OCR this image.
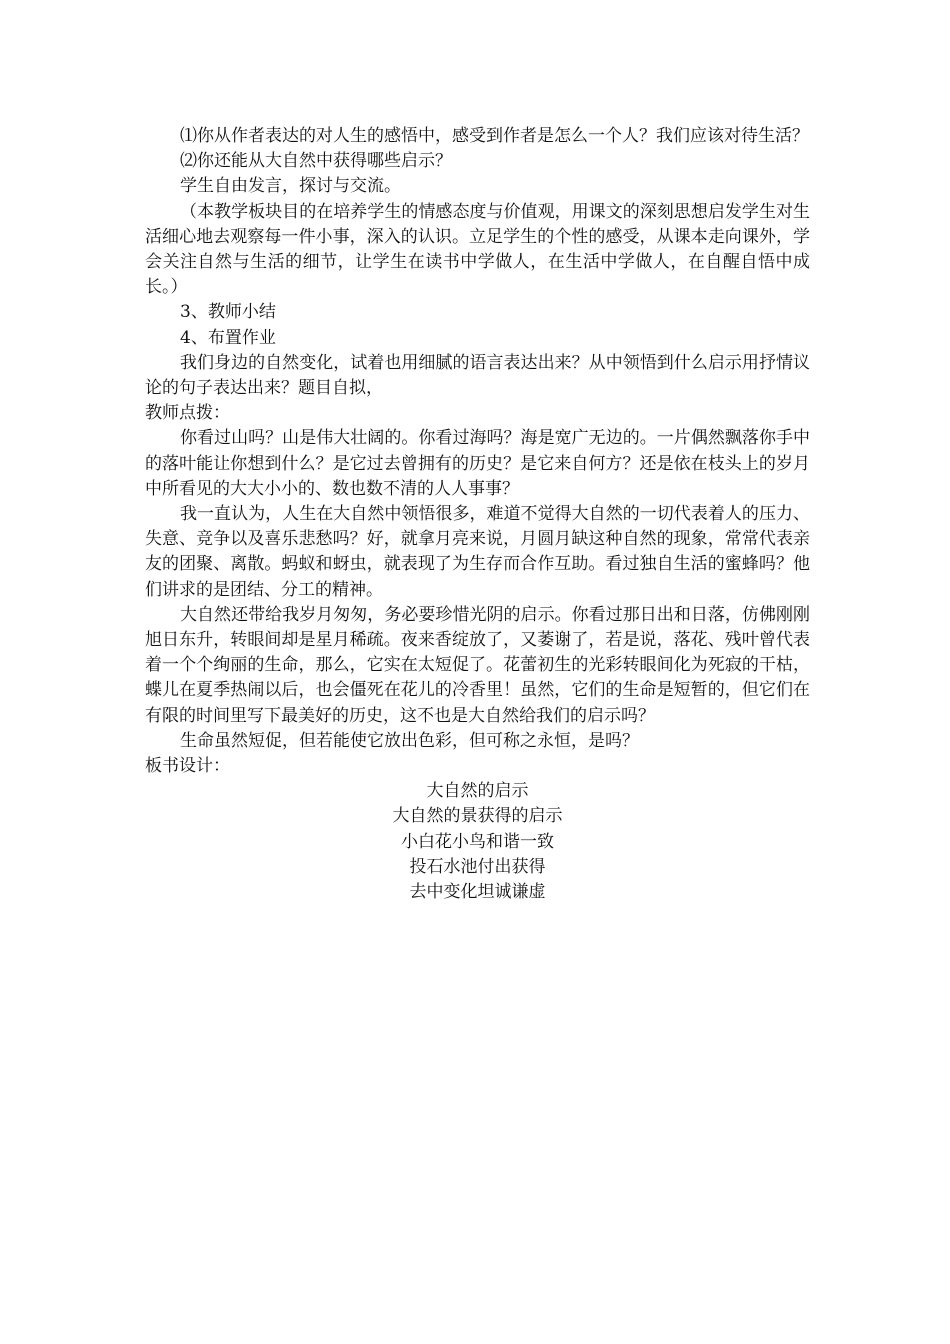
⑴你从作者表达的对人生的感悟中，感受到作者是怎么一个人？我们应该对待生活？

⑵你还能从大自然中获得哪些启示？

学生自由发言，探讨与交流。

（本教学板块目的在培养学生的情感态度与价值观，用课文的深刻思想启发学生对生活细心地去观察每一件小事，深入的认识。立足学生的个性的感受，从课本走向课外，学会关注自然与生活的细节，让学生在读书中学做人，在生活中学做人，在自醒自悟中成长。）

3、教师小结

4、布置作业

我们身边的自然变化，试着也用细腻的语言表达出来？从中领悟到什么启示用抒情议论的句子表达出来？题目自拟，

教师点拨：

你看过山吗？山是伟大壮阔的。你看过海吗？海是宽广无边的。一片偶然飘落你手中的落叶能让你想到什么？是它过去曾拥有的历史？是它来自何方？还是依在枝头上的岁月中所看见的大大小小的、数也数不清的人人事事？

我一直认为，人生在大自然中领悟很多，难道不觉得大自然的一切代表着人的压力、失意、竞争以及喜乐悲愁吗？好，就拿月亮来说，月圆月缺这种自然的现象，常常代表亲友的团聚、离散。蚂蚁和蚜虫，就表现了为生存而合作互助。看过独自生活的蜜蜂吗？他们讲求的是团结、分工的精神。

大自然还带给我岁月匆匆，务必要珍惜光阴的启示。你看过那日出和日落，仿佛刚刚旭日东升，转眼间却是星月稀疏。夜来香绽放了，又萎谢了，若是说，落花、残叶曾代表着一个个绚丽的生命，那么，它实在太短促了。花蕾初生的光彩转眼间化为死寂的干枯，蝶儿在夏季热闹以后，也会僵死在花儿的冷香里！虽然，它们的生命是短暂的，但它们在有限的时间里写下最美好的历史，这不也是大自然给我们的启示吗？

生命虽然短促，但若能使它放出色彩，但可称之永恒，是吗？

板书设计：

大自然的启示
大自然的景获得的启示
小白花小鸟和谐一致
投石水池付出获得
去中变化坦诚谦虚
